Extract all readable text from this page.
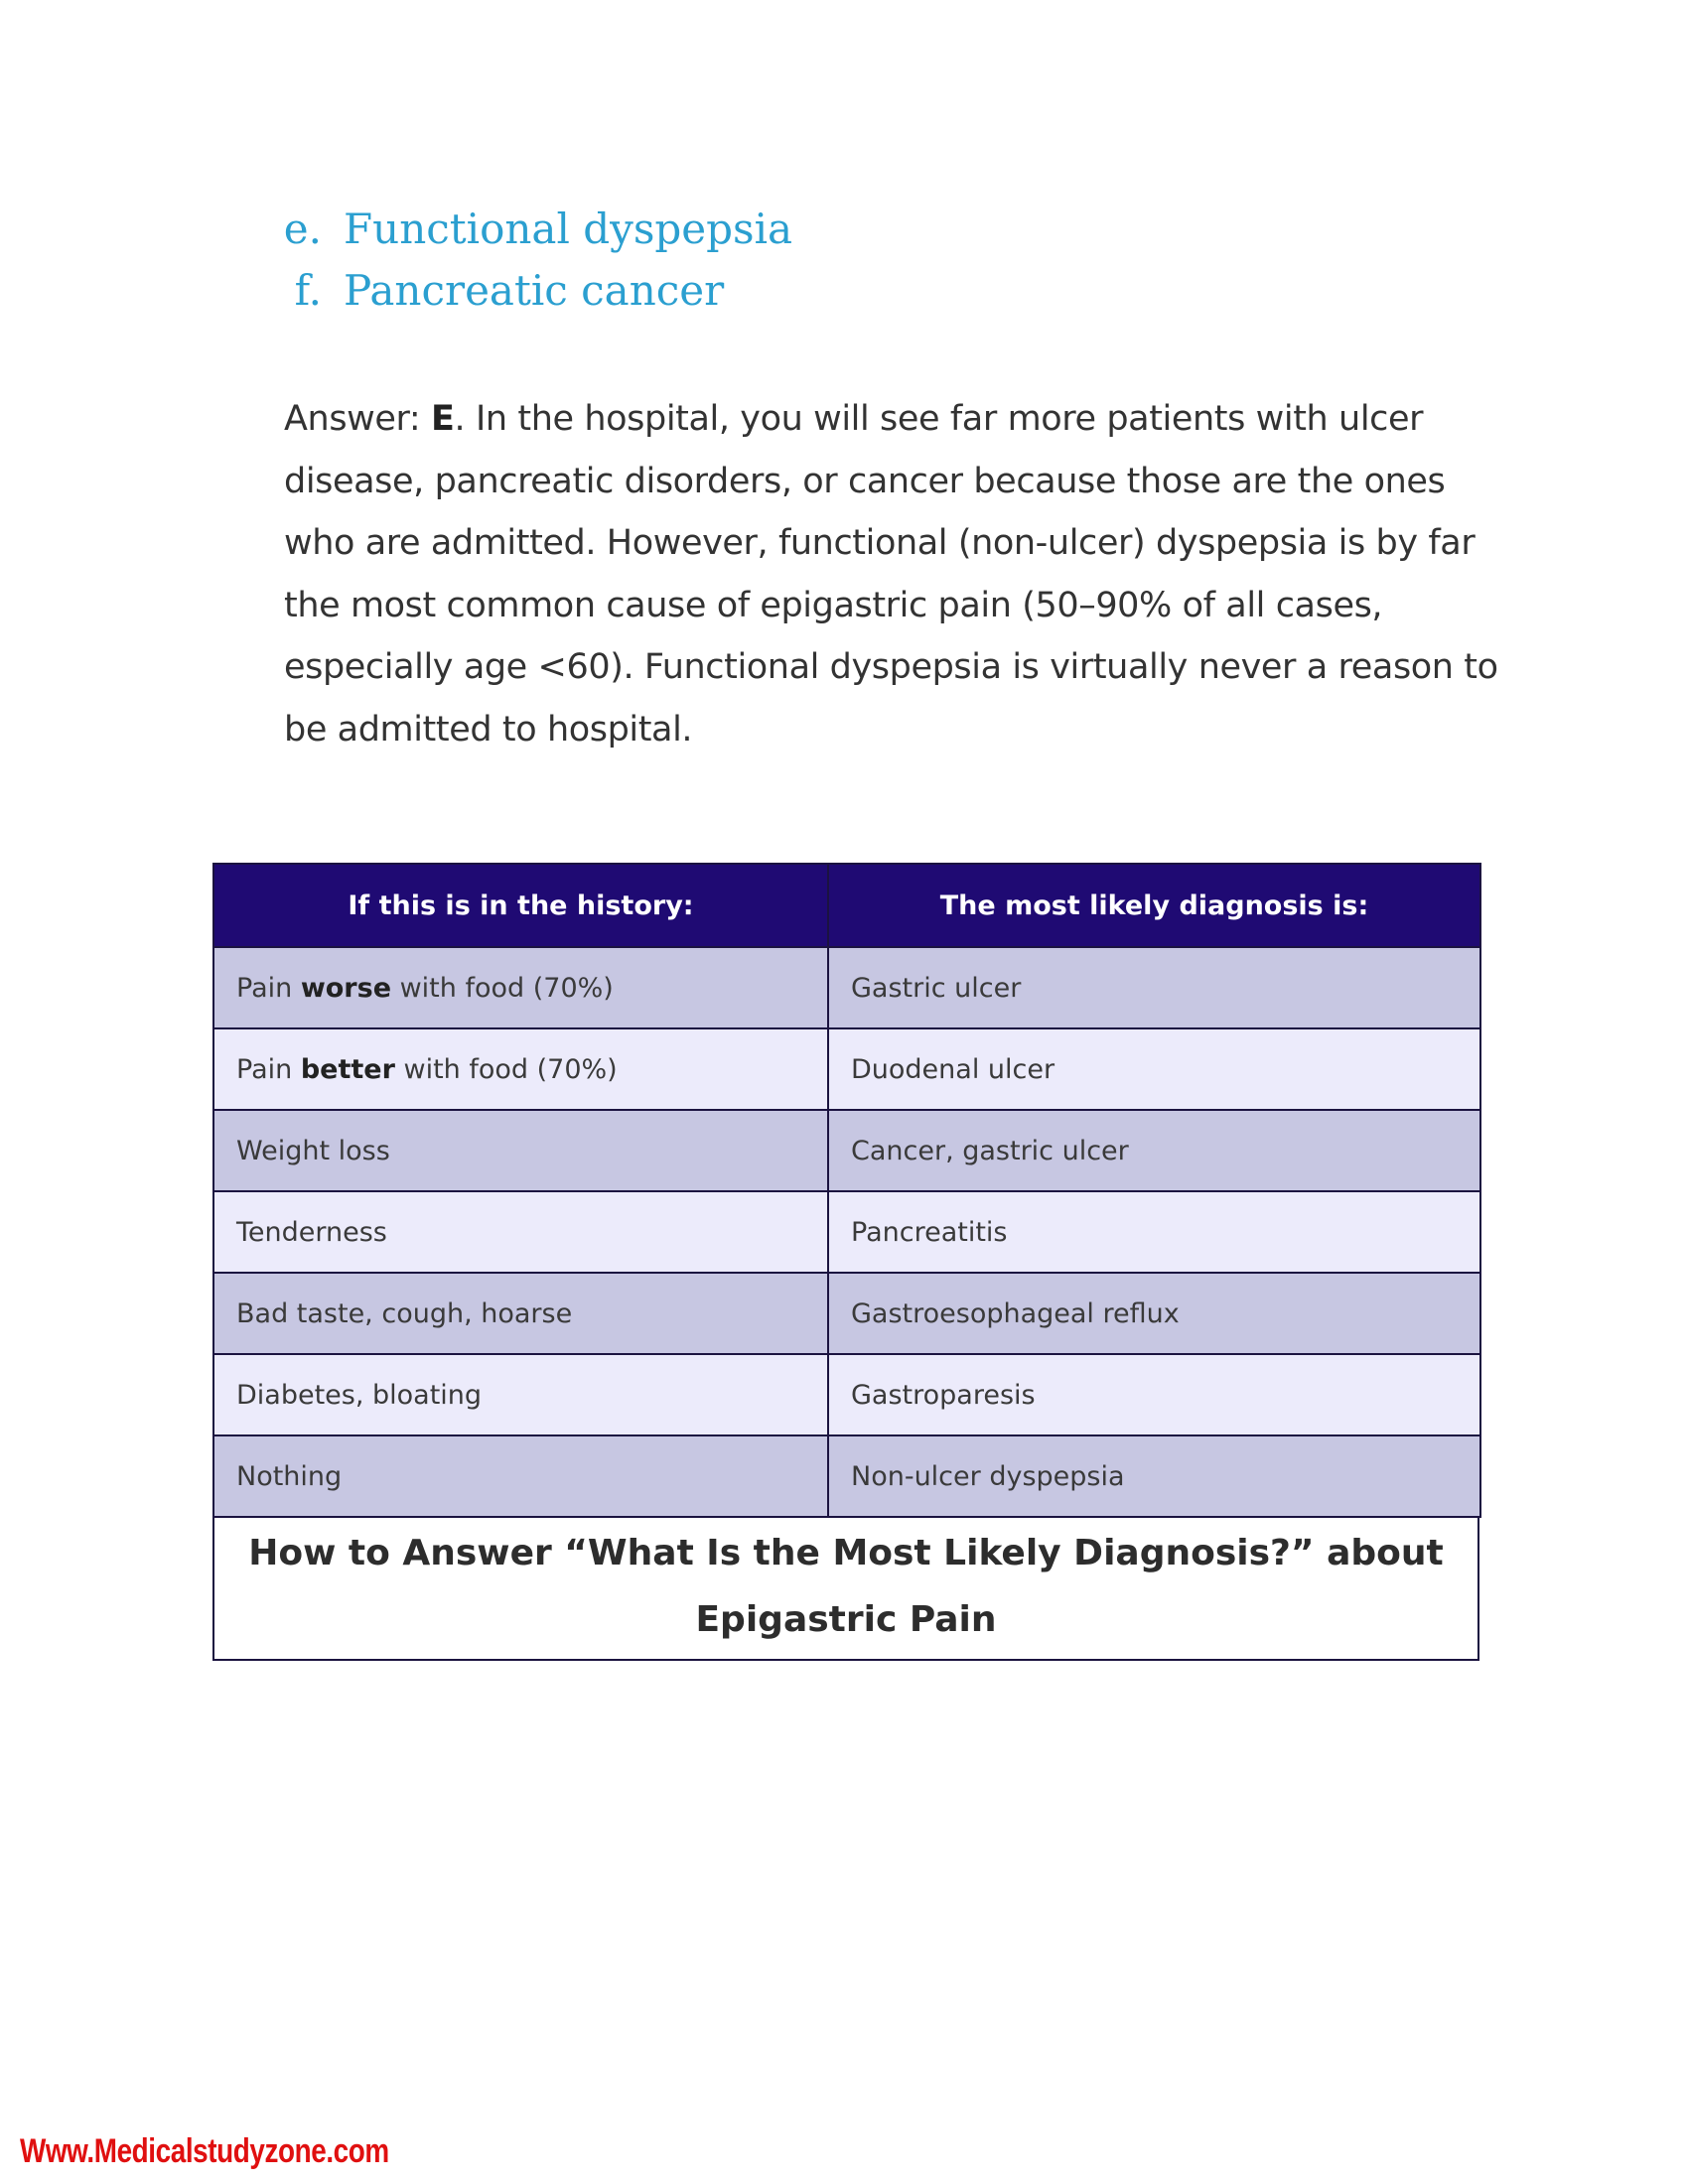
e. Functional dyspepsia
f. Pancreatic cancer
Answer: E. In the hospital, you will see far more patients with ulcer disease, pancreatic disorders, or cancer because those are the ones who are admitted. However, functional (non-ulcer) dyspepsia is by far the most common cause of epigastric pain (50–90% of all cases, especially age <60). Functional dyspepsia is virtually never a reason to be admitted to hospital.
If this is in the history:	The most likely diagnosis is:
Pain worse with food (70%)	Gastric ulcer
Pain better with food (70%)	Duodenal ulcer
Weight loss	Cancer, gastric ulcer
Tenderness	Pancreatitis
Bad taste, cough, hoarse	Gastroesophageal reflux
Diabetes, bloating	Gastroparesis
Nothing	Non-ulcer dyspepsia
How to Answer “What Is the Most Likely Diagnosis?” about Epigastric Pain
Www.Medicalstudyzone.com
